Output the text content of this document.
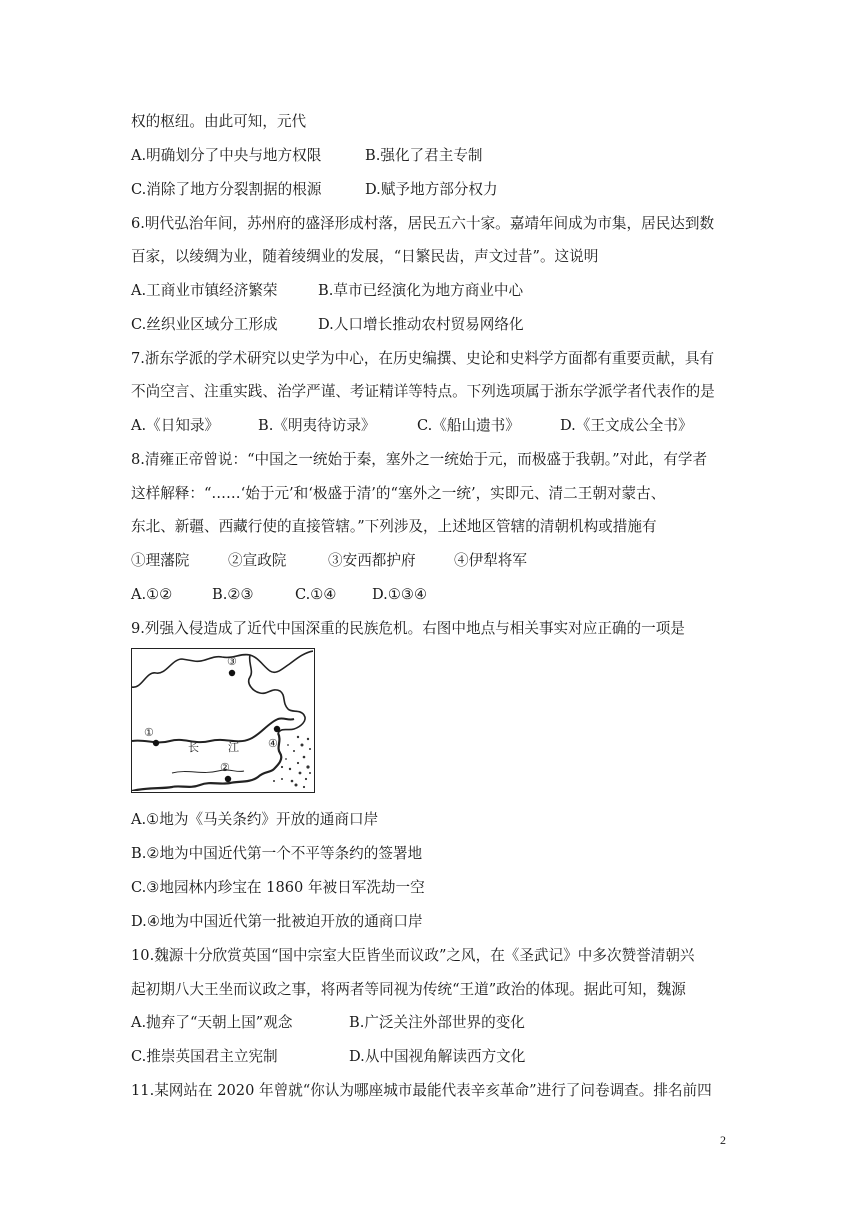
权的枢纽。由此可知，元代
A.明确划分了中央与地方权限	B.强化了君主专制
C.消除了地方分裂割据的根源	D.赋予地方部分权力
6.明代弘治年间，苏州府的盛泽形成村落，居民五六十家。嘉靖年间成为市集，居民达到数
百家，以绫绸为业，随着绫绸业的发展，“日繁民齿，声文过昔”。这说明
A.工商业市镇经济繁荣	B.草市已经演化为地方商业中心
C.丝织业区域分工形成	D.人口增长推动农村贸易网络化
7.浙东学派的学术研究以史学为中心，在历史编撰、史论和史料学方面都有重要贡献，具有
不尚空言、注重实践、治学严谨、考证精详等特点。下列选项属于浙东学派学者代表作的是
A.《日知录》	B.《明夷待访录》	C.《船山遗书》	D.《王文成公全书》
8.清雍正帝曾说：“中国之一统始于秦，塞外之一统始于元，而极盛于我朝。”对此，有学者
这样解释：“……‘始于元’和‘极盛于清’的“塞外之一统’，实即元、清二王朝对蒙古、
东北、新疆、西藏行使的直接管辖。”下列涉及，上述地区管辖的清朝机构或措施有
①理藩院	②宣政院	③安西都护府	④伊犁将军
A.①②	B.②③	C.①④ D.①③④
9.列强入侵造成了近代中国深重的民族危机。右图中地点与相关事实对应正确的一项是
③
①
④
②
长	江
A.①地为《马关条约》开放的通商口岸
B.②地为中国近代第一个不平等条约的签署地
C.③地园林内珍宝在 1860 年被日军洗劫一空
D.④地为中国近代第一批被迫开放的通商口岸
10.魏源十分欣赏英国“国中宗室大臣皆坐而议政”之风，在《圣武记》中多次赞誉清朝兴
起初期八大王坐而议政之事，将两者等同视为传统“王道”政治的体现。据此可知，魏源
A.抛弃了“天朝上国”观念	B.广泛关注外部世界的变化
C.推崇英国君主立宪制	D.从中国视角解读西方文化
11.某网站在 2020 年曾就“你认为哪座城市最能代表辛亥革命”进行了问卷调查。排名前四
2
